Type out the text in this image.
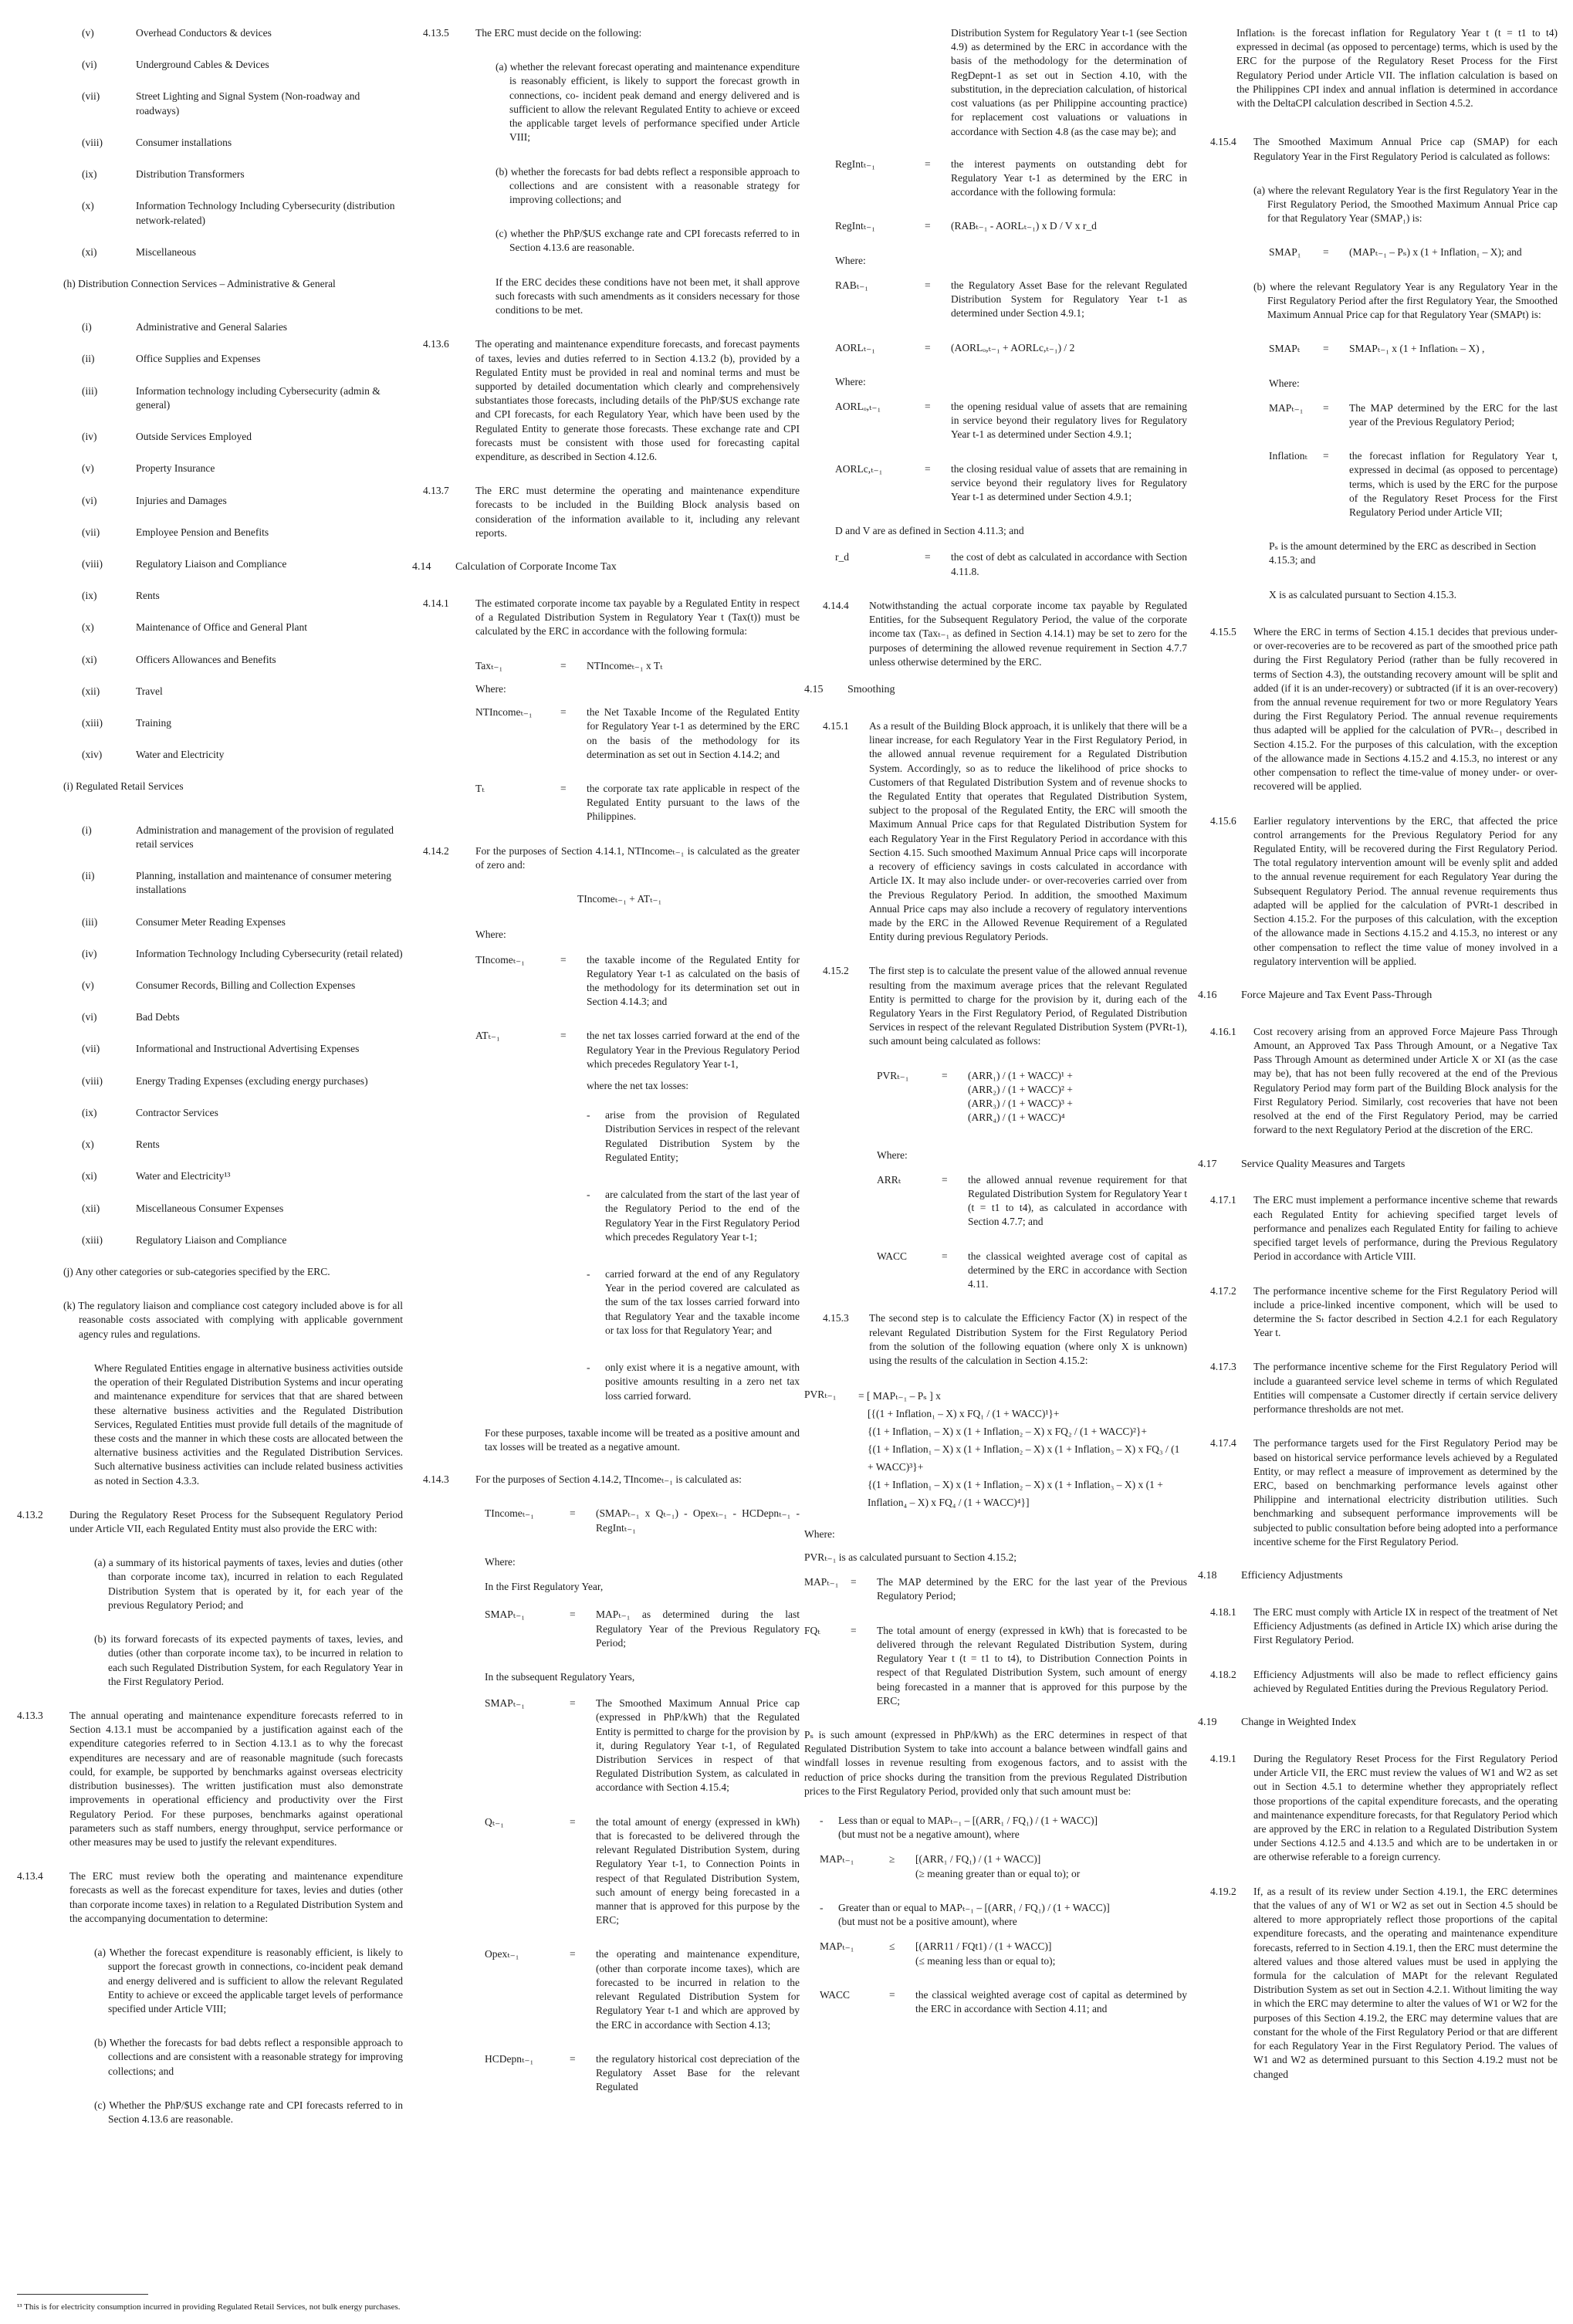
(v)	Overhead Conductors & devices
(vi)	Underground Cables & Devices
(vii)	Street Lighting and Signal System (Non-roadway and roadways)
(viii)	Consumer installations
(ix)	Distribution Transformers
(x)	Information Technology Including Cybersecurity (distribution network-related)
(xi)	Miscellaneous
(h) Distribution Connection Services – Administrative & General
(i)	Administrative and General Salaries
(ii)	Office Supplies and Expenses
(iii)	Information technology including Cybersecurity (admin & general)
(iv)	Outside Services Employed
(v)	Property Insurance
(vi)	Injuries and Damages
(vii)	Employee Pension and Benefits
(viii)	Regulatory Liaison and Compliance
(ix)	Rents
(x)	Maintenance of Office and General Plant
(xi)	Officers Allowances and Benefits
(xii)	Travel
(xiii)	Training
(xiv)	Water and Electricity
(i) Regulated Retail Services
(i)	Administration and management of the provision of regulated retail services
(ii)	Planning, installation and maintenance of consumer metering installations
(iii)	Consumer Meter Reading Expenses
(iv)	Information Technology Including Cybersecurity (retail related)
(v)	Consumer Records, Billing and Collection Expenses
(vi)	Bad Debts
(vii)	Informational and Instructional Advertising Expenses
(viii)	Energy Trading Expenses (excluding energy purchases)
(ix)	Contractor Services
(x)	Rents
(xi)	Water and Electricity¹³
(xii)	Miscellaneous Consumer Expenses
(xiii)	Regulatory Liaison and Compliance
(j) Any other categories or sub-categories specified by the ERC.
(k) The regulatory liaison and compliance cost category included above is for all reasonable costs associated with complying with applicable government agency rules and regulations.
Where Regulated Entities engage in alternative business activities outside the operation of their Regulated Distribution Systems and incur operating and maintenance expenditure for services that that are shared between these alternative business activities and the Regulated Distribution Services, Regulated Entities must provide full details of the magnitude of these costs and the manner in which these costs are allocated between the alternative business activities and the Regulated Distribution Services. Such alternative business activities can include related business activities as noted in Section 4.3.3.
4.13.2	During the Regulatory Reset Process for the Subsequent Regulatory Period under Article VII, each Regulated Entity must also provide the ERC with:
(a) a summary of its historical payments of taxes, levies and duties (other than corporate income tax), incurred in relation to each Regulated Distribution System that is operated by it, for each year of the previous Regulatory Period; and
(b) its forward forecasts of its expected payments of taxes, levies, and duties (other than corporate income tax), to be incurred in relation to each such Regulated Distribution System, for each Regulatory Year in the First Regulatory Period.
4.13.3	The annual operating and maintenance expenditure forecasts referred to in Section 4.13.1 must be accompanied by a justification against each of the expenditure categories referred to in Section 4.13.1 as to why the forecast expenditures are necessary and are of reasonable magnitude (such forecasts could, for example, be supported by benchmarks against overseas electricity distribution businesses). The written justification must also demonstrate improvements in operational efficiency and productivity over the First Regulatory Period. For these purposes, benchmarks against operational parameters such as staff numbers, energy throughput, service performance or other measures may be used to justify the relevant expenditures.
4.13.4	The ERC must review both the operating and maintenance expenditure forecasts as well as the forecast expenditure for taxes, levies and duties (other than corporate income taxes) in relation to a Regulated Distribution System and the accompanying documentation to determine:
(a) Whether the forecast expenditure is reasonably efficient, is likely to support the forecast growth in connections, co-incident peak demand and energy delivered and is sufficient to allow the relevant Regulated Entity to achieve or exceed the applicable target levels of performance specified under Article VIII;
(b) Whether the forecasts for bad debts reflect a responsible approach to collections and are consistent with a reasonable strategy for improving collections; and
(c) Whether the PhP/$US exchange rate and CPI forecasts referred to in Section 4.13.6 are reasonable.
¹³ This is for electricity consumption incurred in providing Regulated Retail Services, not bulk energy purchases.
4.13.5	The ERC must decide on the following:
(a) whether the relevant forecast operating and maintenance expenditure is reasonably efficient, is likely to support the forecast growth in connections, co- incident peak demand and energy delivered and is sufficient to allow the relevant Regulated Entity to achieve or exceed the applicable target levels of performance specified under Article VIII;
(b) whether the forecasts for bad debts reflect a responsible approach to collections and are consistent with a reasonable strategy for improving collections; and
(c) whether the PhP/$US exchange rate and CPI forecasts referred to in Section 4.13.6 are reasonable.
If the ERC decides these conditions have not been met, it shall approve such forecasts with such amendments as it considers necessary for those conditions to be met.
4.13.6	The operating and maintenance expenditure forecasts, and forecast payments of taxes, levies and duties referred to in Section 4.13.2 (b), provided by a Regulated Entity must be provided in real and nominal terms and must be supported by detailed documentation which clearly and comprehensively substantiates those forecasts, including details of the PhP/$US exchange rate and CPI forecasts, for each Regulatory Year, which have been used by the Regulated Entity to generate those forecasts. These exchange rate and CPI forecasts must be consistent with those used for forecasting capital expenditure, as described in Section 4.12.6.
4.13.7	The ERC must determine the operating and maintenance expenditure forecasts to be included in the Building Block analysis based on consideration of the information available to it, including any relevant reports.
4.14 Calculation of Corporate Income Tax
4.14.1	The estimated corporate income tax payable by a Regulated Entity in respect of a Regulated Distribution System in Regulatory Year t (Tax(t)) must be calculated by the ERC in accordance with the following formula:
Taxₜ₋₁	=	NTIncomeₜ₋₁ x Tₜ
Where:
NTIncomeₜ₋₁	=	the Net Taxable Income of the Regulated Entity for Regulatory Year t-1 as determined by the ERC on the basis of the methodology for its determination as set out in Section 4.14.2; and
Tₜ	=	the corporate tax rate applicable in respect of the Regulated Entity pursuant to the laws of the Philippines.
4.14.2	For the purposes of Section 4.14.1, NTIncomeₜ₋₁ is calculated as the greater of zero and:
TIncomeₜ₋₁ + ATₜ₋₁
Where:
TIncomeₜ₋₁	=	the taxable income of the Regulated Entity for Regulatory Year t-1 as calculated on the basis of the methodology for its determination set out in Section 4.14.3; and
ATₜ₋₁	=	the net tax losses carried forward at the end of the Regulatory Year in the Previous Regulatory Period which precedes Regulatory Year t-1,
where the net tax losses:
-	arise from the provision of Regulated Distribution Services in respect of the relevant Regulated Distribution System by the Regulated Entity;
-	are calculated from the start of the last year of the Regulatory Period to the end of the Regulatory Year in the First Regulatory Period which precedes Regulatory Year t-1;
-	carried forward at the end of any Regulatory Year in the period covered are calculated as the sum of the tax losses carried forward into that Regulatory Year and the taxable income or tax loss for that Regulatory Year; and
-	only exist where it is a negative amount, with positive amounts resulting in a zero net tax loss carried forward.
For these purposes, taxable income will be treated as a positive amount and tax losses will be treated as a negative amount.
4.14.3	For the purposes of Section 4.14.2, TIncomeₜ₋₁ is calculated as:
TIncomeₜ₋₁	=	(SMAPₜ₋₁ x Qₜ₋₁) - Opexₜ₋₁ - HCDepnₜ₋₁ - RegIntₜ₋₁
Where:
In the First Regulatory Year,
SMAPₜ₋₁	=	MAPₜ₋₁ as determined during the last Regulatory Year of the Previous Regulatory Period;
In the subsequent Regulatory Years,
SMAPₜ₋₁	=	The Smoothed Maximum Annual Price cap (expressed in PhP/kWh) that the Regulated Entity is permitted to charge for the provision by it, during Regulatory Year t-1, of Regulated Distribution Services in respect of that Regulated Distribution System, as calculated in accordance with Section 4.15.4;
Qₜ₋₁	=	the total amount of energy (expressed in kWh) that is forecasted to be delivered through the relevant Regulated Distribution System, during Regulatory Year t-1, to Connection Points in respect of that Regulated Distribution System, such amount of energy being forecasted in a manner that is approved for this purpose by the ERC;
Opexₜ₋₁	=	the operating and maintenance expenditure, (other than corporate income taxes), which are forecasted to be incurred in relation to the relevant Regulated Distribution System for Regulatory Year t-1 and which are approved by the ERC in accordance with Section 4.13;
HCDepnₜ₋₁	=	the regulatory historical cost depreciation of the Regulatory Asset Base for the relevant Regulated
Distribution System for Regulatory Year t-1 (see Section 4.9) as determined by the ERC in accordance with the basis of the methodology for the determination of RegDepnt-1 as set out in Section 4.10, with the substitution, in the depreciation calculation, of historical cost valuations (as per Philippine accounting practice) for replacement cost valuations or valuations in accordance with Section 4.8 (as the case may be); and
RegIntₜ₋₁	=	the interest payments on outstanding debt for Regulatory Year t-1 as determined by the ERC in accordance with the following formula:
RegIntₜ₋₁	=	(RABₜ₋₁ - AORLₜ₋₁) x D / V x r_d
Where:
RABₜ₋₁	=	the Regulatory Asset Base for the relevant Regulated Distribution System for Regulatory Year t-1 as determined under Section 4.9.1;
AORLₜ₋₁	=	(AORLₒ,ₜ₋₁ + AORLc,ₜ₋₁) / 2
Where:
AORLₒ,ₜ₋₁	=	the opening residual value of assets that are remaining in service beyond their regulatory lives for Regulatory Year t-1 as determined under Section 4.9.1;
AORLc,ₜ₋₁	=	the closing residual value of assets that are remaining in service beyond their regulatory lives for Regulatory Year t-1 as determined under Section 4.9.1;
D and V are as defined in Section 4.11.3; and
r_d	=	the cost of debt as calculated in accordance with Section 4.11.8.
4.14.4	Notwithstanding the actual corporate income tax payable by Regulated Entities, for the Subsequent Regulatory Period, the value of the corporate income tax (Taxₜ₋₁ as defined in Section 4.14.1) may be set to zero for the purposes of determining the allowed revenue requirement in Section 4.7.7 unless otherwise determined by the ERC.
4.15 Smoothing
4.15.1	As a result of the Building Block approach, it is unlikely that there will be a linear increase, for each Regulatory Year in the First Regulatory Period, in the allowed annual revenue requirement for a Regulated Distribution System. Accordingly, so as to reduce the likelihood of price shocks to Customers of that Regulated Distribution System and of revenue shocks to the Regulated Entity that operates that Regulated Distribution System, subject to the proposal of the Regulated Entity, the ERC will smooth the Maximum Annual Price caps for that Regulated Distribution System for each Regulatory Year in the First Regulatory Period in accordance with this Section 4.15. Such smoothed Maximum Annual Price caps will incorporate a recovery of efficiency savings in costs calculated in accordance with Article IX. It may also include under- or over-recoveries carried over from the Previous Regulatory Period. In addition, the smoothed Maximum Annual Price caps may also include a recovery of regulatory interventions made by the ERC in the Allowed Revenue Requirement of a Regulated Entity during previous Regulatory Periods.
4.15.2	The first step is to calculate the present value of the allowed annual revenue resulting from the maximum average prices that the relevant Regulated Entity is permitted to charge for the provision by it, during each of the Regulatory Years in the First Regulatory Period, of Regulated Distribution Services in respect of the relevant Regulated Distribution System (PVRt-1), such amount being calculated as follows:
PVRₜ₋₁	=	(ARR₁) / (1 + WACC)¹ +
(ARR₂) / (1 + WACC)² +
(ARR₃) / (1 + WACC)³ +
(ARR₄) / (1 + WACC)⁴
Where:
ARRₜ	=	the allowed annual revenue requirement for that Regulated Distribution System for Regulatory Year t (t = t1 to t4), as calculated in accordance with Section 4.7.7; and
WACC	=	the classical weighted average cost of capital as determined by the ERC in accordance with Section 4.11.
4.15.3	The second step is to calculate the Efficiency Factor (X) in respect of the relevant Regulated Distribution System for the First Regulatory Period from the solution of the following equation (where only X is unknown) using the results of the calculation in Section 4.15.2:
PVRₜ₋₁	= [ MAPₜ₋₁ – Pₛ ] x
[{(1 + Inflation₁ – X) x FQ₁ / (1 + WACC)¹}+
{(1 + Inflation₁ – X) x (1 + Inflation₂ – X) x FQ₂ / (1 + WACC)²}+
{(1 + Inflation₁ – X) x (1 + Inflation₂ – X) x (1 + Inflation₃ – X) x FQ₃ / (1 + WACC)³}+
{(1 + Inflation₁ – X) x (1 + Inflation₂ – X) x (1 + Inflation₃ – X) x (1 + Inflation₄ – X) x FQ₄ / (1 + WACC)⁴}]
Where:
PVRₜ₋₁ is as calculated pursuant to Section 4.15.2;
MAPₜ₋₁	=	The MAP determined by the ERC for the last year of the Previous Regulatory Period;
FQₜ	=	The total amount of energy (expressed in kWh) that is forecasted to be delivered through the relevant Regulated Distribution System, during Regulatory Year t (t = t1 to t4), to Distribution Connection Points in respect of that Regulated Distribution System, such amount of energy being forecasted in a manner that is approved for this purpose by the ERC;
Pₛ is such amount (expressed in PhP/kWh) as the ERC determines in respect of that Regulated Distribution System to take into account a balance between windfall gains and windfall losses in revenue resulting from exogenous factors, and to assist with the reduction of price shocks during the transition from the previous Regulated Distribution prices to the First Regulatory Period, provided only that such amount must be:
-	Less than or equal to MAPₜ₋₁ – [(ARR₁ / FQ₁) / (1 + WACC)]
(but must not be a negative amount), where
MAPₜ₋₁	≥	[(ARR₁ / FQ₁) / (1 + WACC)]
(≥ meaning greater than or equal to); or
-	Greater than or equal to MAPₜ₋₁ – [(ARR₁ / FQ₁) / (1 + WACC)]
(but must not be a positive amount), where
MAPₜ₋₁	≤	[(ARR11 / FQt1) / (1 + WACC)]
(≤ meaning less than or equal to);
WACC	=	the classical weighted average cost of capital as determined by the ERC in accordance with Section 4.11; and
Inflationₜ is the forecast inflation for Regulatory Year t (t = t1 to t4) expressed in decimal (as opposed to percentage) terms, which is used by the ERC for the purpose of the Regulatory Reset Process for the First Regulatory Period under Article VII. The inflation calculation is based on the Philippines CPI index and annual inflation is determined in accordance with the DeltaCPI calculation described in Section 4.5.2.
4.15.4	The Smoothed Maximum Annual Price cap (SMAP) for each Regulatory Year in the First Regulatory Period is calculated as follows:
(a) where the relevant Regulatory Year is the first Regulatory Year in the First Regulatory Period, the Smoothed Maximum Annual Price cap for that Regulatory Year (SMAP₁) is:
SMAP₁	=	(MAPₜ₋₁ – Pₛ) x (1 + Inflation₁ – X); and
(b) where the relevant Regulatory Year is any Regulatory Year in the First Regulatory Period after the first Regulatory Year, the Smoothed Maximum Annual Price cap for that Regulatory Year (SMAPt) is:
SMAPₜ	=	SMAPₜ₋₁ x (1 + Inflationₜ – X) ,
Where:
MAPₜ₋₁	=	The MAP determined by the ERC for the last year of the Previous Regulatory Period;
Inflationₜ	=	the forecast inflation for Regulatory Year t, expressed in decimal (as opposed to percentage) terms, which is used by the ERC for the purpose of the Regulatory Reset Process for the First Regulatory Period under Article VII;
Pₛ is the amount determined by the ERC as described in Section 4.15.3; and
X is as calculated pursuant to Section 4.15.3.
4.15.5	Where the ERC in terms of Section 4.15.1 decides that previous under- or over-recoveries are to be recovered as part of the smoothed price path during the First Regulatory Period (rather than be fully recovered in terms of Section 4.3), the outstanding recovery amount will be split and added (if it is an under-recovery) or subtracted (if it is an over-recovery) from the annual revenue requirement for two or more Regulatory Years during the First Regulatory Period. The annual revenue requirements thus adapted will be applied for the calculation of PVRₜ₋₁ described in Section 4.15.2. For the purposes of this calculation, with the exception of the allowance made in Sections 4.15.2 and 4.15.3, no interest or any other compensation to reflect the time-value of money under- or over-recovered will be applied.
4.15.6	Earlier regulatory interventions by the ERC, that affected the price control arrangements for the Previous Regulatory Period for any Regulated Entity, will be recovered during the First Regulatory Period. The total regulatory intervention amount will be evenly split and added to the annual revenue requirement for each Regulatory Year during the Subsequent Regulatory Period. The annual revenue requirements thus adapted will be applied for the calculation of PVRt-1 described in Section 4.15.2. For the purposes of this calculation, with the exception of the allowance made in Sections 4.15.2 and 4.15.3, no interest or any other compensation to reflect the time value of money involved in a regulatory intervention will be applied.
4.16 Force Majeure and Tax Event Pass-Through
4.16.1	Cost recovery arising from an approved Force Majeure Pass Through Amount, an Approved Tax Pass Through Amount, or a Negative Tax Pass Through Amount as determined under Article X or XI (as the case may be), that has not been fully recovered at the end of the Previous Regulatory Period may form part of the Building Block analysis for the First Regulatory Period. Similarly, cost recoveries that have not been resolved at the end of the First Regulatory Period, may be carried forward to the next Regulatory Period at the discretion of the ERC.
4.17 Service Quality Measures and Targets
4.17.1	The ERC must implement a performance incentive scheme that rewards each Regulated Entity for achieving specified target levels of performance and penalizes each Regulated Entity for failing to achieve specified target levels of performance, during the Previous Regulatory Period in accordance with Article VIII.
4.17.2	The performance incentive scheme for the First Regulatory Period will include a price-linked incentive component, which will be used to determine the Sₜ factor described in Section 4.2.1 for each Regulatory Year t.
4.17.3	The performance incentive scheme for the First Regulatory Period will include a guaranteed service level scheme in terms of which Regulated Entities will compensate a Customer directly if certain service delivery performance thresholds are not met.
4.17.4	The performance targets used for the First Regulatory Period may be based on historical service performance levels achieved by a Regulated Entity, or may reflect a measure of improvement as determined by the ERC, based on benchmarking performance levels against other Philippine and international electricity distribution utilities. Such benchmarking and subsequent performance improvements will be subjected to public consultation before being adopted into a performance incentive scheme for the First Regulatory Period.
4.18 Efficiency Adjustments
4.18.1	The ERC must comply with Article IX in respect of the treatment of Net Efficiency Adjustments (as defined in Article IX) which arise during the First Regulatory Period.
4.18.2	Efficiency Adjustments will also be made to reflect efficiency gains achieved by Regulated Entities during the Previous Regulatory Period.
4.19 Change in Weighted Index
4.19.1	During the Regulatory Reset Process for the First Regulatory Period under Article VII, the ERC must review the values of W1 and W2 as set out in Section 4.5.1 to determine whether they appropriately reflect those proportions of the capital expenditure forecasts, and the operating and maintenance expenditure forecasts, for that Regulatory Period which are approved by the ERC in relation to a Regulated Distribution System under Sections 4.12.5 and 4.13.5 and which are to be undertaken in or are otherwise referable to a foreign currency.
4.19.2	If, as a result of its review under Section 4.19.1, the ERC determines that the values of any of W1 or W2 as set out in Section 4.5 should be altered to more appropriately reflect those proportions of the capital expenditure forecasts, and the operating and maintenance expenditure forecasts, referred to in Section 4.19.1, then the ERC must determine the altered values and those altered values must be used in applying the formula for the calculation of MAPt for the relevant Regulated Distribution System as set out in Section 4.2.1. Without limiting the way in which the ERC may determine to alter the values of W1 or W2 for the purposes of this Section 4.19.2, the ERC may determine values that are constant for the whole of the First Regulatory Period or that are different for each Regulatory Year in the First Regulatory Period. The values of W1 and W2 as determined pursuant to this Section 4.19.2 must not be changed
